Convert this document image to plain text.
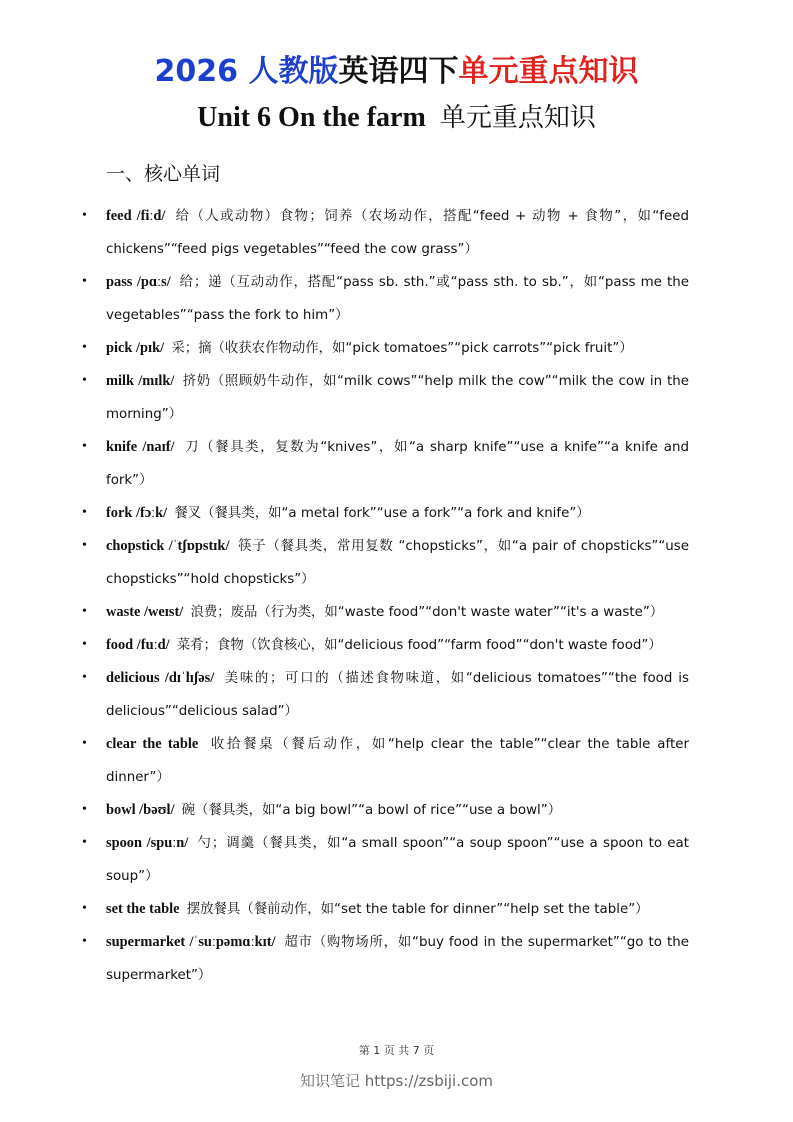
2026 人教版英语四下单元重点知识
Unit 6 On the farm 单元重点知识
一、核心单词
• feed /fiːd/ 给（人或动物）食物；饲养（农场动作，搭配“feed + 动物 + 食物”，如“feed chickens”“feed pigs vegetables”“feed the cow grass”）
• pass /pɑːs/ 给；递（互动动作，搭配“pass sb. sth.”或“pass sth. to sb.”，如“pass me the vegetables”“pass the fork to him”）
• pick /pɪk/ 采；摘（收获农作物动作，如“pick tomatoes”“pick carrots”“pick fruit”）
• milk /mɪlk/ 挤奶（照顾奶牛动作，如“milk cows”“help milk the cow”“milk the cow in the morning”）
• knife /naɪf/ 刀（餐具类，复数为“knives”，如“a sharp knife”“use a knife”“a knife and fork”）
• fork /fɔːk/ 餐叉（餐具类，如“a metal fork”“use a fork”“a fork and knife”）
• chopstick /ˈtʃɒpstɪk/ 筷子（餐具类，常用复数 “chopsticks”，如“a pair of chopsticks”“use chopsticks”“hold chopsticks”）
• waste /weɪst/ 浪费；废品（行为类，如“waste food”“don't waste water”“it's a waste”）
• food /fuːd/ 菜肴；食物（饮食核心，如“delicious food”“farm food”“don't waste food”）
• delicious /dɪˈlɪʃəs/ 美味的；可口的（描述食物味道，如“delicious tomatoes”“the food is delicious”“delicious salad”）
• clear the table 收拾餐桌（餐后动作，如“help clear the table”“clear the table after dinner”）
• bowl /bəʊl/ 碗（餐具类，如“a big bowl”“a bowl of rice”“use a bowl”）
• spoon /spuːn/ 勺；调羹（餐具类，如“a small spoon”“a soup spoon”“use a spoon to eat soup”）
• set the table 摆放餐具（餐前动作，如“set the table for dinner”“help set the table”）
• supermarket /ˈsuːpəmɑːkɪt/ 超市（购物场所，如“buy food in the supermarket”“go to the supermarket”）
第 1 页 共 7 页
知识笔记 https://zsbiji.com
